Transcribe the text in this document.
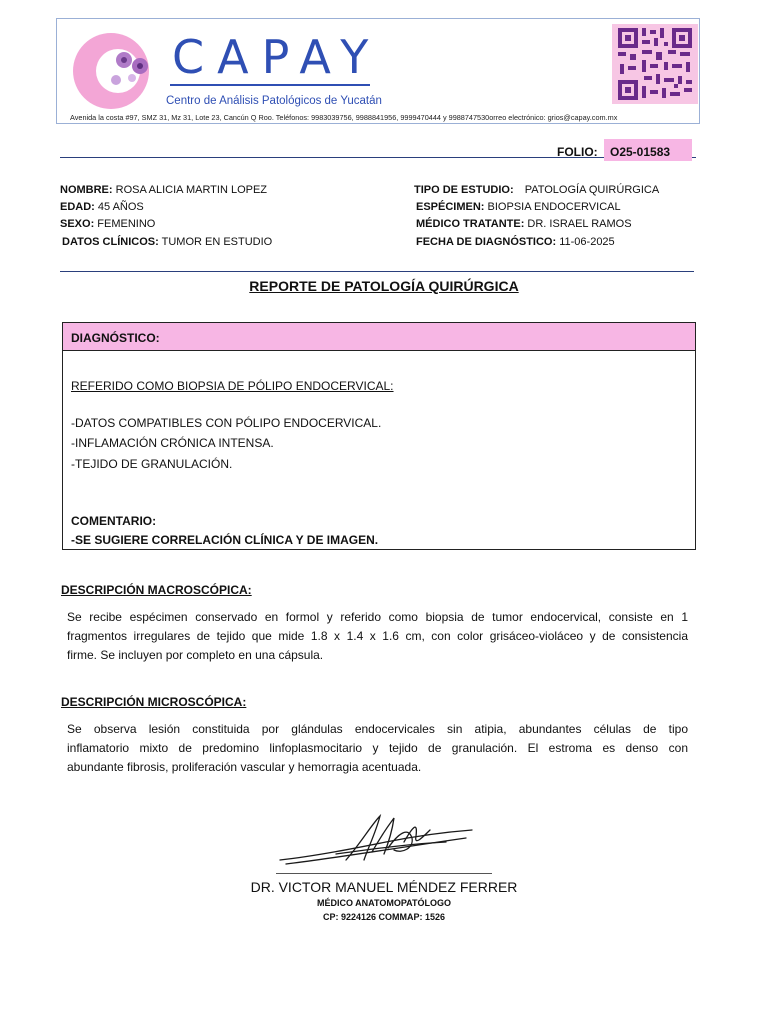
CAPAY
Centro de Análisis Patológicos de Yucatán
Avenida la costa #97, SMZ 31, Mz 31, Lote 23, Cancún Q Roo. Teléfonos: 9983039756, 9988841956, 9999470444 y 9988747530orreo electrónico: grios@capay.com.mx
FOLIO:	O25-01583
NOMBRE: ROSA ALICIA MARTIN LOPEZ
EDAD: 45 AÑOS
SEXO: FEMENINO
DATOS CLÍNICOS: TUMOR EN ESTUDIO
TIPO DE ESTUDIO: PATOLOGÍA QUIRÚRGICA
ESPÉCIMEN: BIOPSIA ENDOCERVICAL
MÉDICO TRATANTE: DR. ISRAEL RAMOS
FECHA DE DIAGNÓSTICO: 11-06-2025
REPORTE DE PATOLOGÍA QUIRÚRGICA
DIAGNÓSTICO:
REFERIDO COMO BIOPSIA DE PÓLIPO ENDOCERVICAL:
-DATOS COMPATIBLES CON PÓLIPO ENDOCERVICAL.
-INFLAMACIÓN CRÓNICA INTENSA.
-TEJIDO DE GRANULACIÓN.
COMENTARIO:
-SE SUGIERE CORRELACIÓN CLÍNICA Y DE IMAGEN.
DESCRIPCIÓN MACROSCÓPICA:
Se recibe espécimen conservado en formol y referido como biopsia de tumor endocervical, consiste en 1
fragmentos irregulares de tejido que mide 1.8 x 1.4 x 1.6 cm, con color grisáceo-violáceo y de consistencia
firme. Se incluyen por completo en una cápsula.
DESCRIPCIÓN MICROSCÓPICA:
Se observa lesión constituida por glándulas endocervicales sin atipia, abundantes células de tipo
inflamatorio mixto de predomino linfoplasmocitario y tejido de granulación. El estroma es denso con
abundante fibrosis, proliferación vascular y hemorragia acentuada.
DR. VICTOR MANUEL MÉNDEZ FERRER
MÉDICO ANATOMOPATÓLOGO
CP: 9224126 COMMAP: 1526
